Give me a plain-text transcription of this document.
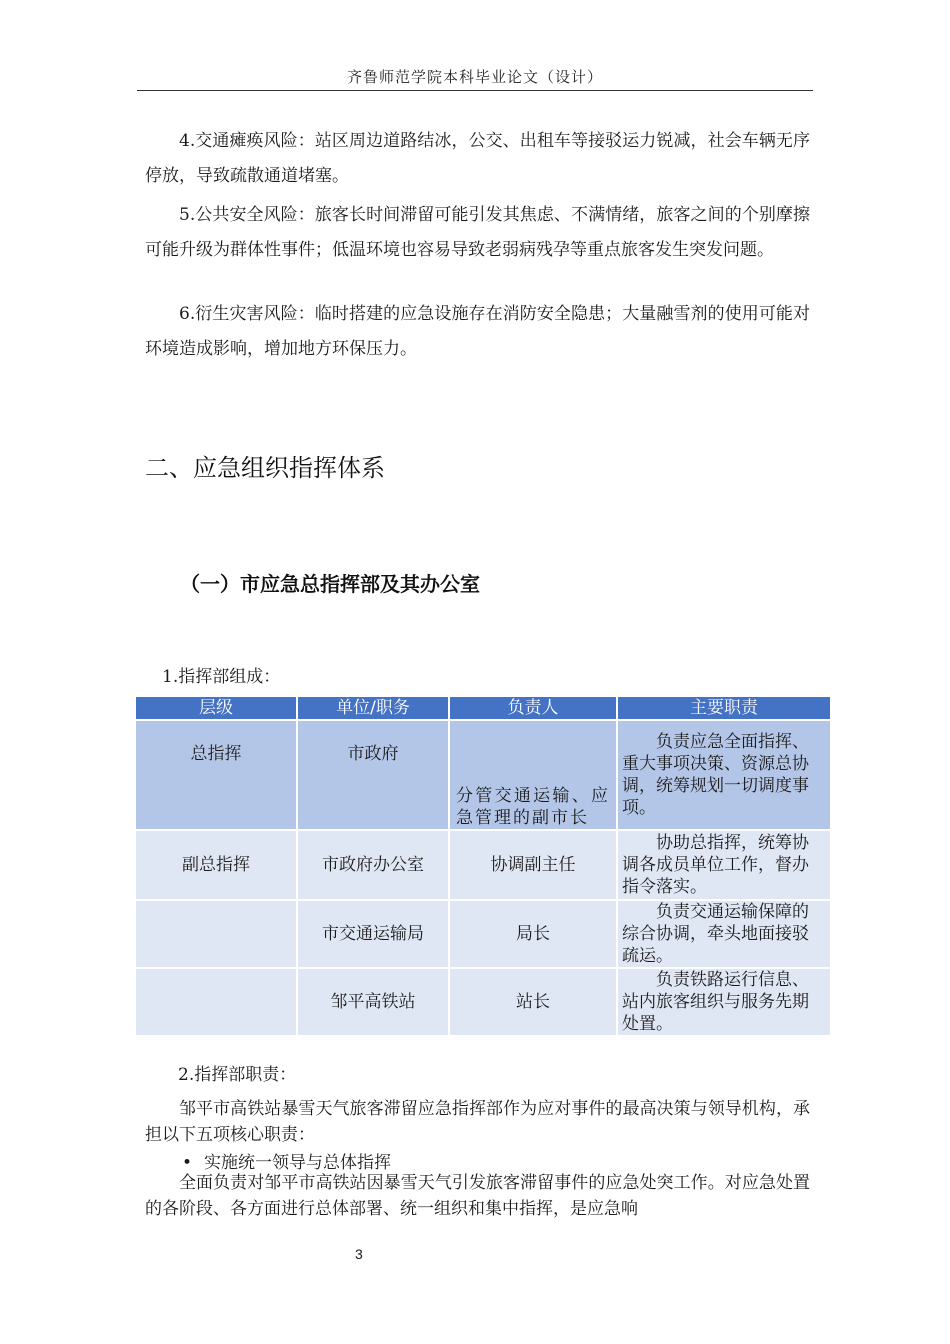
齐鲁师范学院本科毕业论文（设计）

4.交通瘫痪风险：站区周边道路结冰，公交、出租车等接驳运力锐减，社会车辆无序停放，导致疏散通道堵塞。

5.公共安全风险：旅客长时间滞留可能引发其焦虑、不满情绪，旅客之间的个别摩擦可能升级为群体性事件；低温环境也容易导致老弱病残孕等重点旅客发生突发问题。

6.衍生灾害风险：临时搭建的应急设施存在消防安全隐患；大量融雪剂的使用可能对环境造成影响，增加地方环保压力。

二、应急组织指挥体系
（一）市应急总指挥部及其办公室

1.指挥部组成：

层级	单位/职务	负责人	主要职责
总指挥	市政府	分管交通运输、应急管理的副市长	负责应急全面指挥、重大事项决策、资源总协调，统筹规划一切调度事项。
副总指挥	市政府办公室	协调副主任	协助总指挥，统筹协调各成员单位工作，督办指令落实。
	市交通运输局	局长	负责交通运输保障的综合协调，牵头地面接驳疏运。
	邹平高铁站	站长	负责铁路运行信息、站内旅客组织与服务先期处置。

2.指挥部职责：

邹平市高铁站暴雪天气旅客滞留应急指挥部作为应对事件的最高决策与领导机构，承担以下五项核心职责：

• 实施统一领导与总体指挥

全面负责对邹平市高铁站因暴雪天气引发旅客滞留事件的应急处突工作。对应急处置的各阶段、各方面进行总体部署、统一组织和集中指挥，是应急响

3
